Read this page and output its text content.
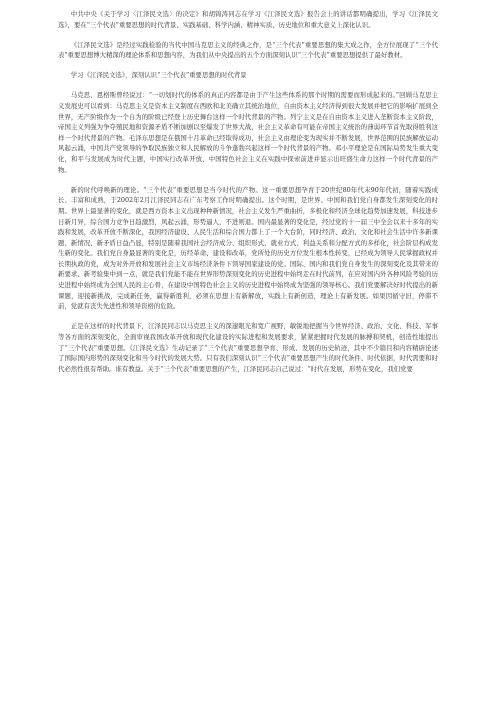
中共中央《关于学习〈江泽民文选〉的决定》和胡锦涛同志在学习《江泽民文选》报告会上的讲话都明确提出，学习《江泽民文选》，要在“三个代表”重要思想的时代背景、实践基础、科学内涵、精神实质、历史地位和重大意义上深化认识。

《江泽民文选》是经过实践检验的当代中国马克思主义的经典之作，是“三个代表”重要思想的集大成之作，全方位展现了“三个代表”重要思想博大精深的理论体系和思想内容，为我们从中央提出的五个方面深刻认识“三个代表”重要思想提供了最好教材。

学习《江泽民文选》，深刻认识“三个代表”重要思想的时代背景

马克思、恩格斯曾经说过：“一切划时代的体系的真正内容都是由于产生这些体系的那个时期的需要而形成起来的。”回顾马克思主义发展史可以看到：马克思主义是资本主义制度在西欧和北美确立其统治地位，自由资本主义经济得到很大发展并把它的影响扩展到全世界，无产阶级作为一个自为的阶级已经登上历史舞台这样一个时代背景的产物。列宁主义是在自由资本主义进入垄断资本主义阶段，帝国主义列强为争夺殖民地和资源矛盾不断加剧以至爆发了世界大战，社会主义革命有可能在帝国主义统治的薄弱环节首先取得胜利这样一个时代背景的产物。毛泽东思想是在俄国十月革命已经取得成功，社会主义由理论变为现实并不断发展，世界范围的民族解放运动风起云涌，中国共产党领导的争取民族独立和人民解放的斗争蓬勃兴起这样一个时代背景的产物。邓小平理论是在国际局势发生重大变化，和平与发展成为时代主题，中国实行改革开放、中国特色社会主义在实践中探索前进并显示出旺盛生命力这样一个时代背景的产物。

新的时代呼唤新的理论。“三个代表”重要思想是当今时代的产物。这一重要思想孕育于20世纪80年代末90年代初，随着实践成长、丰富和成熟，于2002年2月江泽民同志在广东考察工作时明确提出。这个时期，是世界、中国和我们党自身都发生深刻变化的时期。世界上最显著的变化，就是西方资本主义出现种种新情况，社会主义发生严重曲折，多极化和经济全球化趋势加速发展，科技进步日新月异，综合国力竞争日趋激烈，风起云涌，形势逼人，不进则退。国内最显著的变化是，经过党的十一届三中全会以来十多年的实践和发展，改革开放不断深化，我国经济建设、人民生活和综合国力都上了一个大台阶，同时经济、政治、文化和社会生活中许多新课题、新情况、新矛盾日益凸显，特别是随着我国社会经济成分、组织形式、就业方式、利益关系和分配方式的多样化，社会阶层构成发生新的变化。我们党自身最显著的变化是，历经革命、建设和改革，党所处的历史方位发生根本性转变，已经成为领导人民掌握政权并长期执政的党，成为对外开放和发展社会主义市场经济条件下领导国家建设的党。国际、国内和我们党自身发生的深刻变化及其带来的新要求、新考验集中到一点，就是我们党能不能在世界形势深刻变化的历史进程中始终走在时代前列，在应对国内外各种风险考验的历史进程中始终成为全国人民的主心骨，在建设中国特色社会主义的历史进程中始终成为坚强的领导核心。我们党要解决好时代提出的新课题，迎接新挑战，完成新任务，赢得新胜利，必须在思想上有新解放，实践上有新创造，理论上有新发展。如果因循守旧，停滞不前，党就有丧失先进性和领导资格的危险。

正是在这样的时代背景下，江泽民同志以马克思主义的深邃眼光和宽广视野，敏锐地把握当今世界经济、政治、文化、科技、军事等各方面的深刻变化，全面审视我国改革开放和现代化建设的实际进程和发展要求，紧紧把握时代发展的脉搏和契机，创造性地提出了“三个代表”重要思想。《江泽民文选》生动记录了“三个代表”重要思想孕育、形成、发展的历史轨迹，其中不少篇目和内容精辟论述了国际国内形势的深刻变化和当今时代的发展大势。只有我们深刻认识“三个代表”重要思想产生的时代条件、时代依据，时代需要和时代必然性很有帮助。谁有教益。关于“三个代表”重要思想的产生，江泽民同志自己说过：“时代在发展，形势在变化，我们党要
